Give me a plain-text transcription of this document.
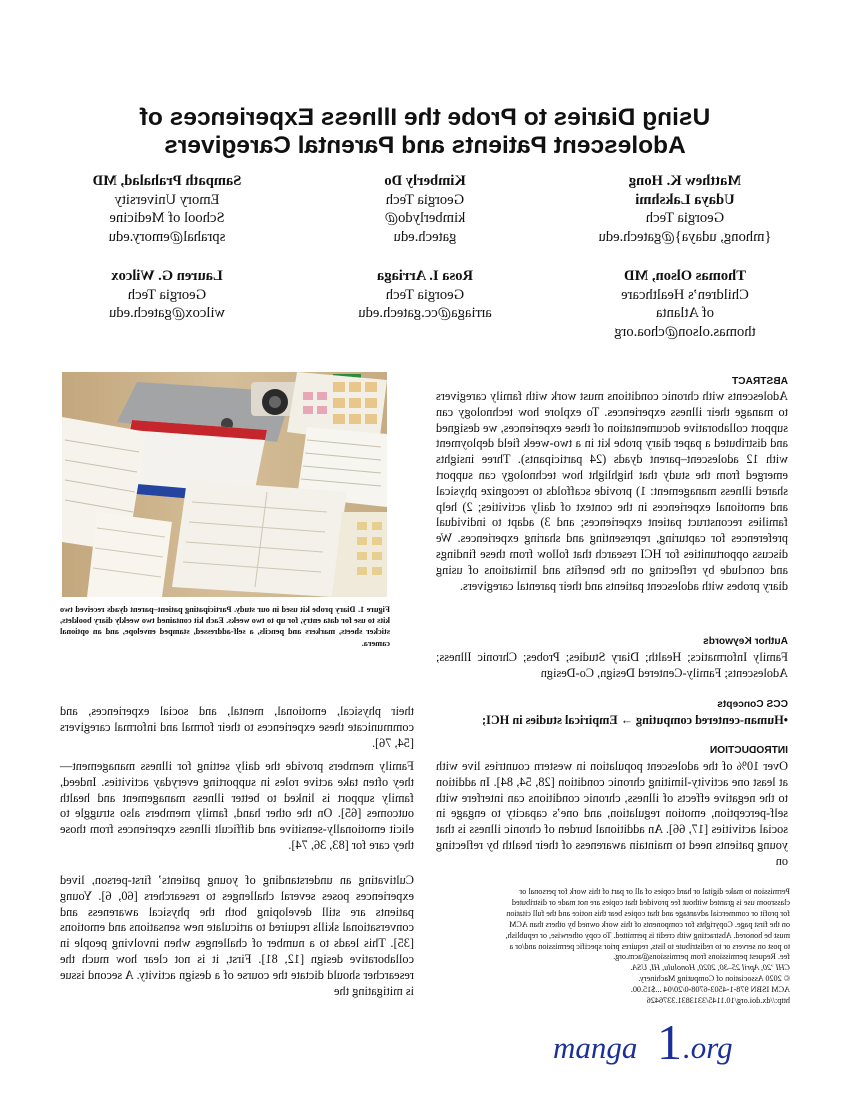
Using Diaries to Probe the Illness Experiences of
Adolescent Patients and Parental Caregivers
Matthew K. Hong
Udaya Lakshmi
Georgia Tech
{mhong, udaya}@gatech.edu
Kimberly Do
Georgia Tech
kimberlydo@
gatech.edu
Sampath Prahalad, MD
Emory University
School of Medicine
sprahal@emory.edu
Thomas Olson, MD
Children’s Healthcare
of Atlanta
thomas.olson@choa.org
Rosa I. Arriaga
Georgia Tech
arriaga@cc.gatech.edu
Lauren G. Wilcox
Georgia Tech
wilcox@gatech.edu
ABSTRACT

Adolescents with chronic conditions must work with family caregivers to manage their illness experiences. To explore how technology can support collaborative documentation of these experiences, we designed and distributed a paper diary probe kit in a two-week field deployment with 12 adolescent–parent dyads (24 participants). Three insights emerged from the study that highlight how technology can support shared illness management: 1) provide scaffolds to recognize physical and emotional experiences in the context of daily activities; 2) help families reconstruct patient experiences; and 3) adapt to individual preferences for capturing, representing and sharing experiences. We discuss opportunities for HCI research that follow from these findings and conclude by reflecting on the benefits and limitations of using diary probes with adolescent patients and their parental caregivers.

Author Keywords

Family Informatics; Health; Diary Studies; Probes; Chronic Illness; Adolescents; Family-Centered Design, Co-Design

CCS Concepts

•Human-centered computing → Empirical studies in HCI;

INTRODUCTION

Over 10% of the adolescent population in western countries live with at least one activity-limiting chronic condition [28, 54, 84]. In addition to the negative effects of illness, chronic conditions can interfere with self-perception, emotion regulation, and one’s capacity to engage in social activities [17, 66]. An additional burden of chronic illness is that young patients need to maintain awareness of their health by reflecting on

Permission to make digital or hard copies of all or part of this work for personal or
classroom use is granted without fee provided that copies are not made or distributed
for profit or commercial advantage and that copies bear this notice and the full citation
on the first page. Copyrights for components of this work owned by others than ACM
must be honored. Abstracting with credit is permitted. To copy otherwise, or republish,
to post on servers or to redistribute to lists, requires prior specific permission and/or a
fee. Request permissions from permissions@acm.org.
CHI ’20, April 25–30, 2020, Honolulu, HI, USA.
© 2020 Association of Computing Machinery.
ACM ISBN 978-1-4503-6708-0/20/04 ...$15.00.
http://dx.doi.org/10.1145/3313831.3376426

Figure 1. Diary probe kit used in our study. Participating patient–parent dyads received two kits to use for data entry, for up to two weeks. Each kit contained two weekly diary booklets, sticker sheets, markers and pencils, a self-addressed, stamped envelope, and an optional camera.

their physical, emotional, mental, and social experiences, and communicate these experiences to their formal and informal caregivers [54, 76].

Family members provide the daily setting for illness management—they often take active roles in supporting everyday activities. Indeed, family support is linked to better illness management and health outcomes [65]. On the other hand, family members also struggle to elicit emotionally-sensitive and difficult illness experiences from those they care for [83, 36, 74].

Cultivating an understanding of young patients’ first-person, lived experiences poses several challenges to researchers [60, 6]. Young patients are still developing both the physical awareness and conversational skills required to articulate new sensations and emotions [35]. This leads to a number of challenges when involving people in collaborative design [12, 81]. First, it is not clear how much the researcher should dictate the course of a design activity. A second issue is mitigating the

manga 1 .org
